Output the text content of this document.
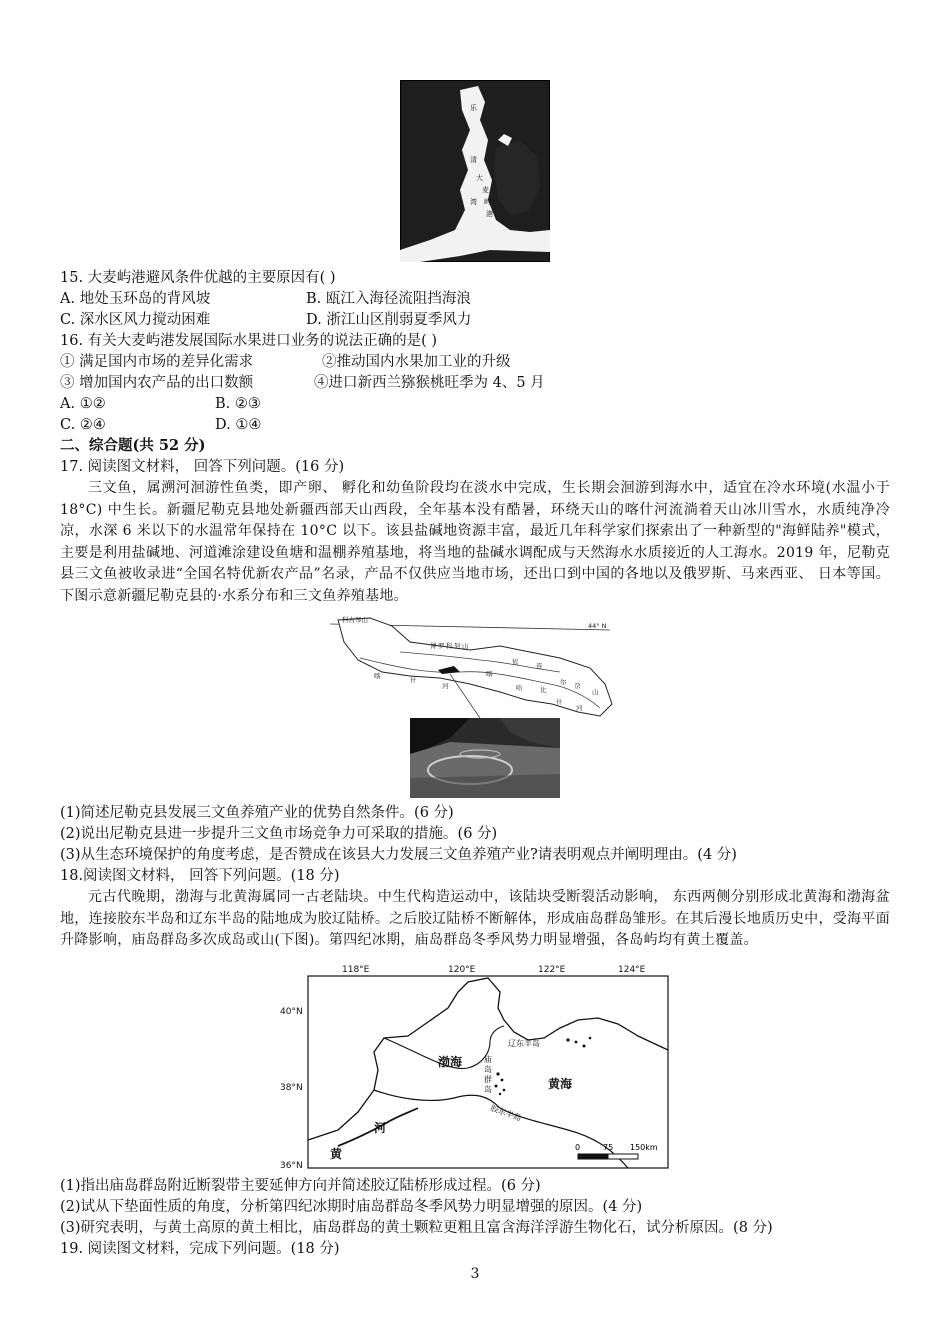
乐
清
湾
大
麦
屿
港
15. 大麦屿港避风条件优越的主要原因有( )
A. 地处玉环岛的背风坡	B. 瓯江入海径流阻挡海浪
C. 深水区风力搅动困难	D. 浙江山区削弱夏季风力
16. 有关大麦屿港发展国际水果进口业务的说法正确的是( )
① 满足国内市场的差异化需求	②推动国内水果加工业的升级
③ 增加国内农产品的出口数额	④进口新西兰猕猴桃旺季为 4、5 月
A. ①②	B. ②③
C. ②④	D. ①④
二、综合题(共 52 分)
17. 阅读图文材料， 回答下列问题。(16 分)
三文鱼，属溯河洄游性鱼类，即产卵、 孵化和幼鱼阶段均在淡水中完成，生长期会洄游到海水中，适宜在冷水环境(水温小于 18°C) 中生长。新疆尼勒克县地处新疆西部天山西段，全年基本没有酷暑，环绕天山的喀什河流淌着天山冰川雪水，水质纯净冷凉，水深 6 米以下的水温常年保持在 10°C 以下。该县盐碱地资源丰富，最近几年科学家们探索出了一种新型的"海鲜陆养"模式，主要是利用盐碱地、河道滩涂建设鱼塘和温棚养殖基地，将当地的盐碱水调配成与天然海水水质接近的人工海水。2019 年，尼勒克县三文鱼被收录进“全国名特优新农产品”名录，产品不仅供应当地市场，还出口到中国的各地以及俄罗斯、马来西亚、 日本等国。下图示意新疆尼勒克县的·水系分布和三文鱼养殖基地。
科古琴山
44° N
博 罗 科 努 山
喀	什
河
依	连
哈	比
尔 尕
山
喀
什
河
(1)简述尼勒克县发展三文鱼养殖产业的优势自然条件。(6 分)
(2)说出尼勒克县进一步提升三文鱼市场竞争力可采取的措施。(6 分)
(3)从生态环境保护的角度考虑，是否赞成在该县大力发展三文鱼养殖产业?请表明观点并阐明理由。(4 分)
18.阅读图文材料， 回答下列问题。(18 分)
元古代晚期，渤海与北黄海属同一古老陆块。中生代构造运动中，该陆块受断裂活动影响， 东西两侧分别形成北黄海和渤海盆地，连接胶东半岛和辽东半岛的陆地成为胶辽陆桥。之后胶辽陆桥不断解体，形成庙岛群岛雏形。在其后漫长地质历史中，受海平面升降影响，庙岛群岛多次成岛或山(下图)。第四纪冰期，庙岛群岛冬季风势力明显增强，各岛屿均有黄土覆盖。
118°E	120°E	122°E	124°E
40°N
38°N
36°N
渤海
黄海
河
黄
辽东半岛
胶东半岛
庙
岛
群
岛
0	75 150km
(1)指出庙岛群岛附近断裂带主要延伸方向并简述胶辽陆桥形成过程。(6 分)
(2)试从下垫面性质的角度，分析第四纪冰期时庙岛群岛冬季风势力明显增强的原因。(4 分)
(3)研究表明，与黄土高原的黄土相比，庙岛群岛的黄土颗粒更粗且富含海洋浮游生物化石，试分析原因。(8 分)
19. 阅读图文材料，完成下列问题。(18 分)
3
